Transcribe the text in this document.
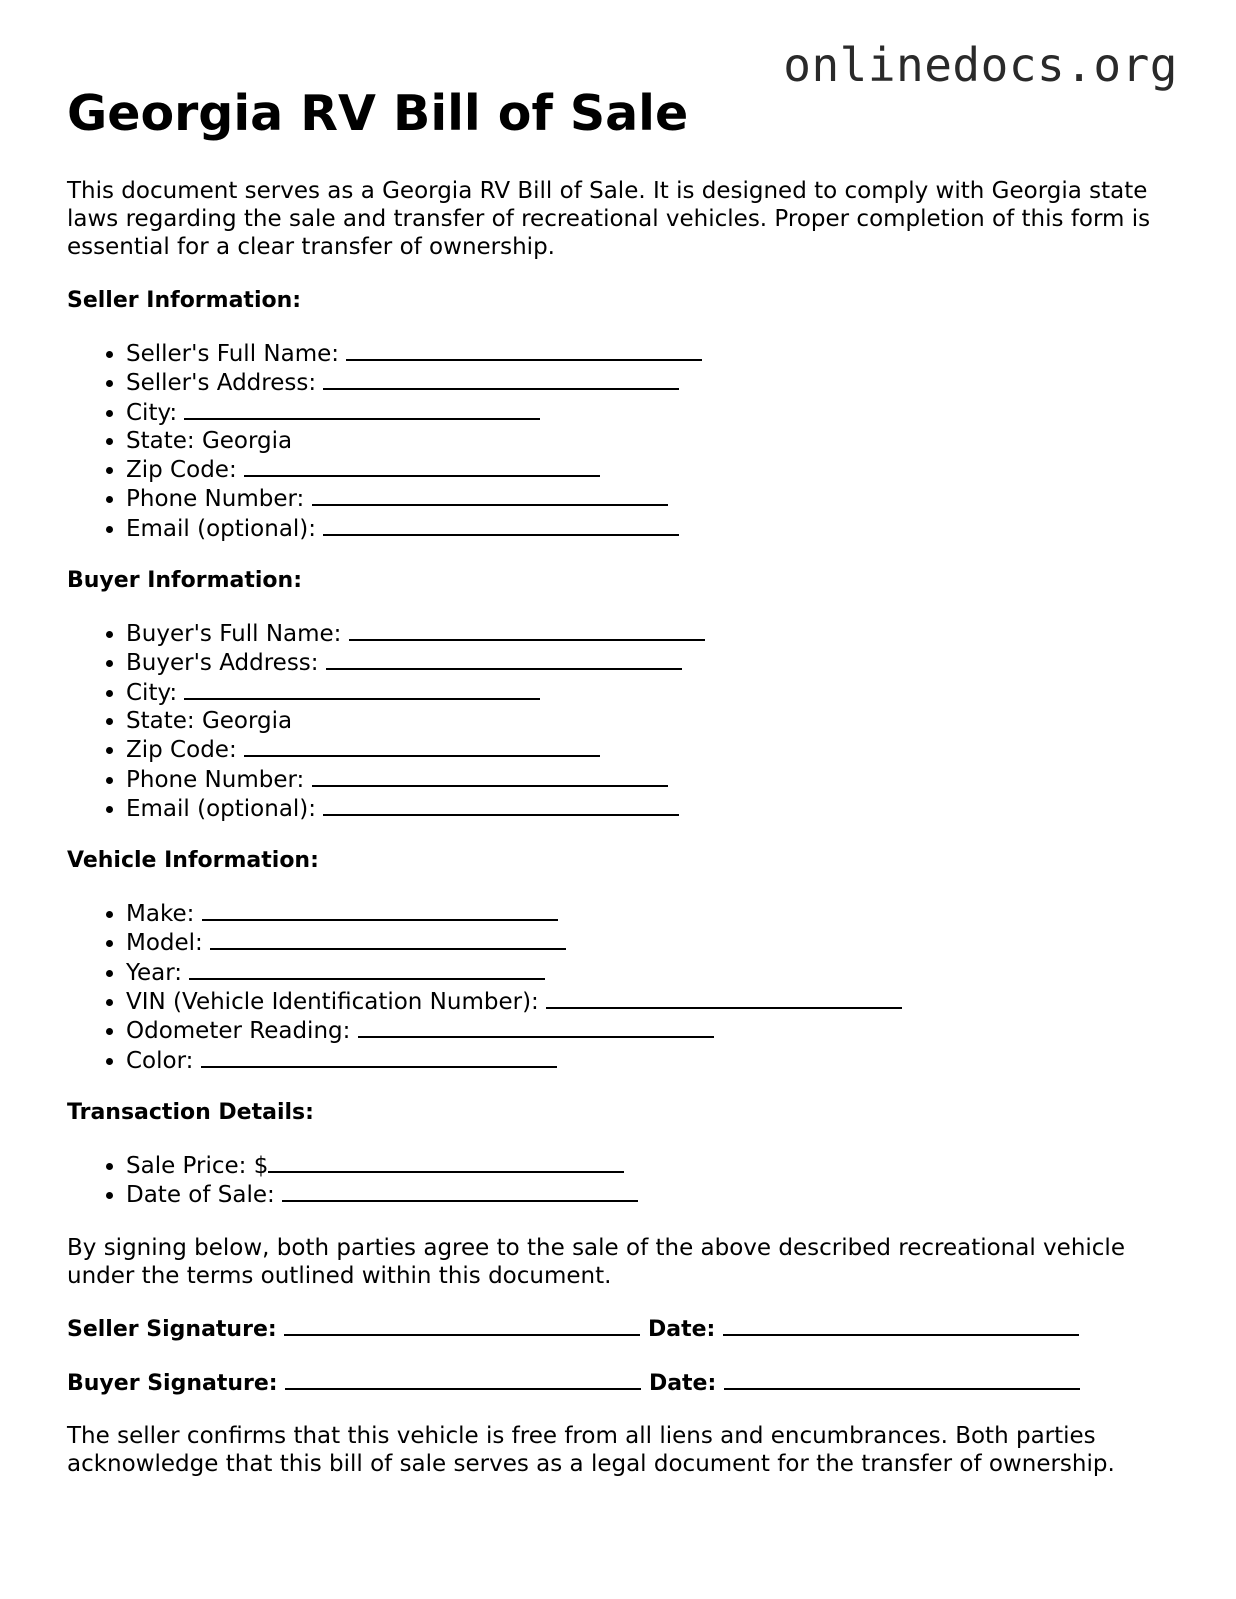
onlinedocs.org
Georgia RV Bill of Sale

This document serves as a Georgia RV Bill of Sale. It is designed to comply with Georgia state laws regarding the sale and transfer of recreational vehicles. Proper completion of this form is essential for a clear transfer of ownership.

Seller Information:
• Seller's Full Name:
• Seller's Address:
• City:
• State: Georgia
• Zip Code:
• Phone Number:
• Email (optional):
Buyer Information:
• Buyer's Full Name:
• Buyer's Address:
• City:
• State: Georgia
• Zip Code:
• Phone Number:
• Email (optional):
Vehicle Information:
• Make:
• Model:
• Year:
• VIN (Vehicle Identification Number):
• Odometer Reading:
• Color:
Transaction Details:
• Sale Price: $
• Date of Sale:

By signing below, both parties agree to the sale of the above described recreational vehicle under the terms outlined within this document.

Seller Signature:	Date:
Buyer Signature:	Date:

The seller confirms that this vehicle is free from all liens and encumbrances. Both parties acknowledge that this bill of sale serves as a legal document for the transfer of ownership.
